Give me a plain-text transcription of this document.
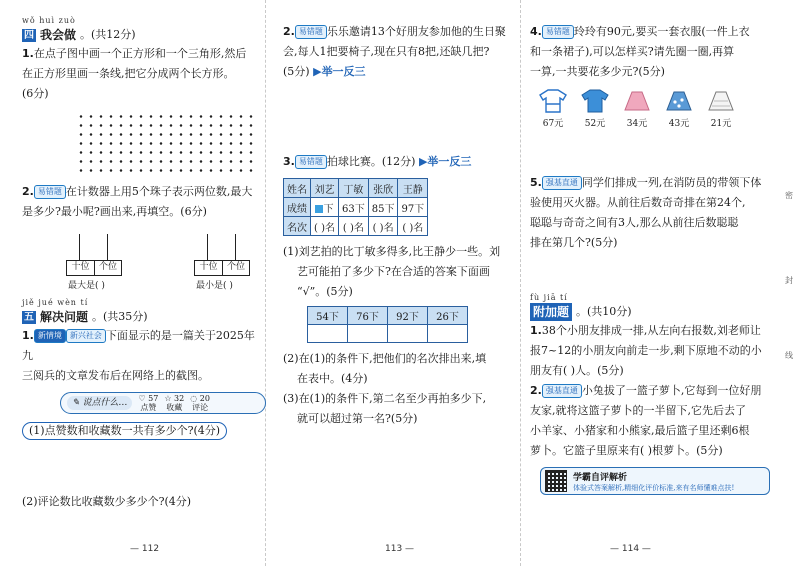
wǒ huì zuò
四 我会做 。(共12分)
1.在点子图中画一个正方形和一个三角形,然后
在正方形里画一条线,把它分成两个长方形。
(6分)
2. 易错题 在计数器上用5个珠子表示两位数,最大
是多少?最小呢?画出来,再填空。(6分)
十位	个位
最大是( )
十位	个位
最小是( )
jiě jué wèn tí
五 解决问题 。(共35分)
1. 新情境 新兴社会 下面显示的是一篇关于2025年九
三阅兵的文章发布后在网络上的截图。
✎ 说点什么…	♡ 57
点赞
☆ 32
收藏
◌ 20
评论
(1)点赞数和收藏数一共有多少个?(4分)
(2)评论数比收藏数少多少个?(4分)
— 112
2. 易错题 乐乐邀请13个好朋友参加他的生日聚
会,每人1把要椅子,现在只有8把,还缺几把?
(5分) ▶举一反三
3. 易错题 拍球比赛。(12分) ▶举一反三
姓名	刘艺	丁敏	张欣	王静
成绩	下	63下	85下	97下
名次	( )名	( )名	( )名	( )名
(1)刘艺拍的比丁敏多得多,比王静少一些。刘
艺可能拍了多少下?在合适的答案下面画
“√”。(5分)
54下	76下	92下	26下

(2)在(1)的条件下,把他们的名次排出来,填
在表中。(4分)
(3)在(1)的条件下,第二名至少再拍多少下,
就可以超过第一名?(5分)
113 —
4. 易错题 玲玲有90元,要买一套衣服(一件上衣
和一条裙子),可以怎样买?请先圈一圈,再算
一算,一共要花多少元?(5分)
67元 52元 34元 43元 21元
5. 强基直通 同学们排成一列,在消防员的带领下体
验使用灭火器。从前往后数奇奇排在第24个,
聪聪与奇奇之间有3人,那么从前往后数聪聪
排在第几个?(5分)
fù jiā tí
附加题 。(共10分)
1.38个小朋友排成一排,从左向右报数,刘老师让
报7~12的小朋友向前走一步,剩下原地不动的小
朋友有( )人。(5分)
2. 强基直通 小兔拔了一篮子萝卜,它每到一位好朋
友家,就将这篮子萝卜的一半留下,它先后去了
小羊家、小猪家和小熊家,最后篮子里还剩6根
萝卜。它篮子里原来有( )根萝卜。(5分)
学霸自评解析
体验式答案解析,精细化评价标准,来有名师懂难点扶!
— 114 —
密
封
线
